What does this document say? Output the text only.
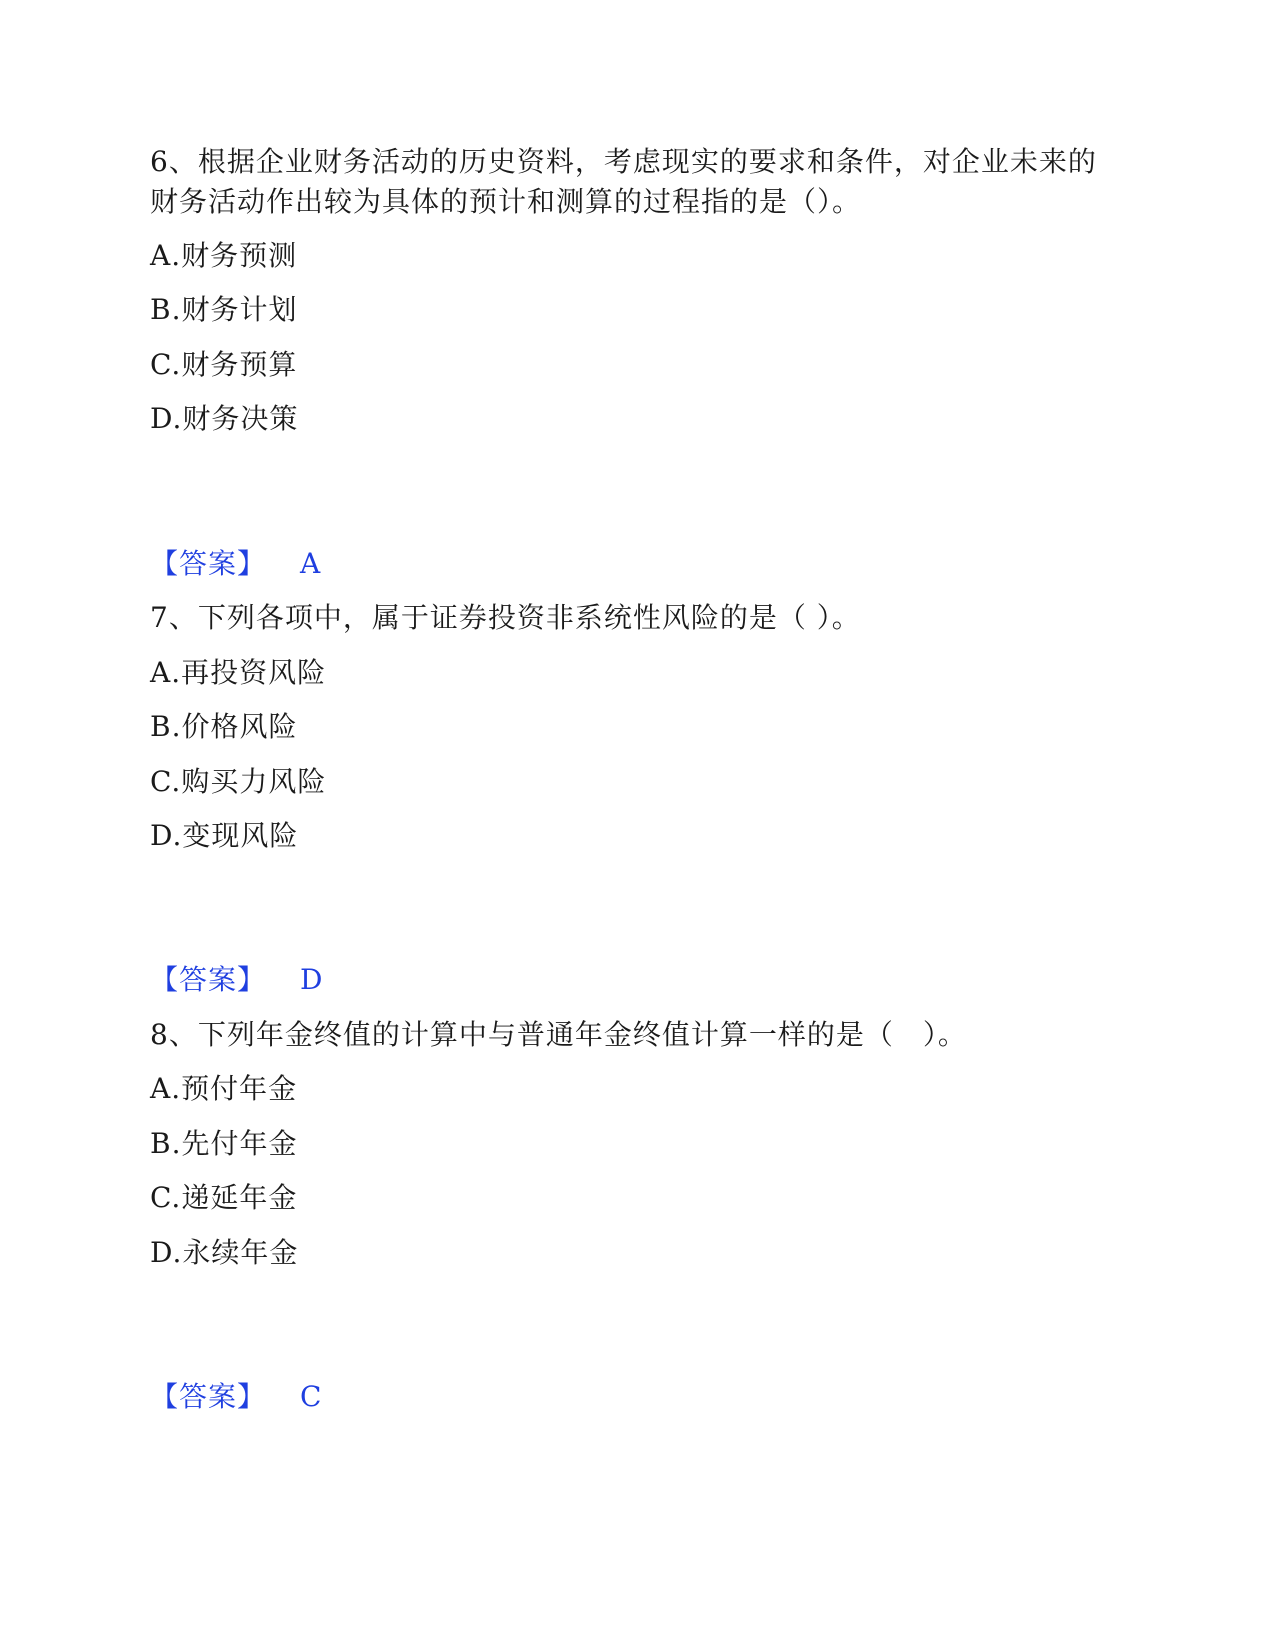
6、根据企业财务活动的历史资料，考虑现实的要求和条件，对企业未来的财务活动作出较为具体的预计和测算的过程指的是（）。

A.财务预测

B.财务计划

C.财务预算

D.财务决策

【答案】 A

7、下列各项中，属于证券投资非系统性风险的是（ ）。

A.再投资风险

B.价格风险

C.购买力风险

D.变现风险

【答案】 D

8、下列年金终值的计算中与普通年金终值计算一样的是（　）。

A.预付年金

B.先付年金

C.递延年金

D.永续年金

【答案】 C
